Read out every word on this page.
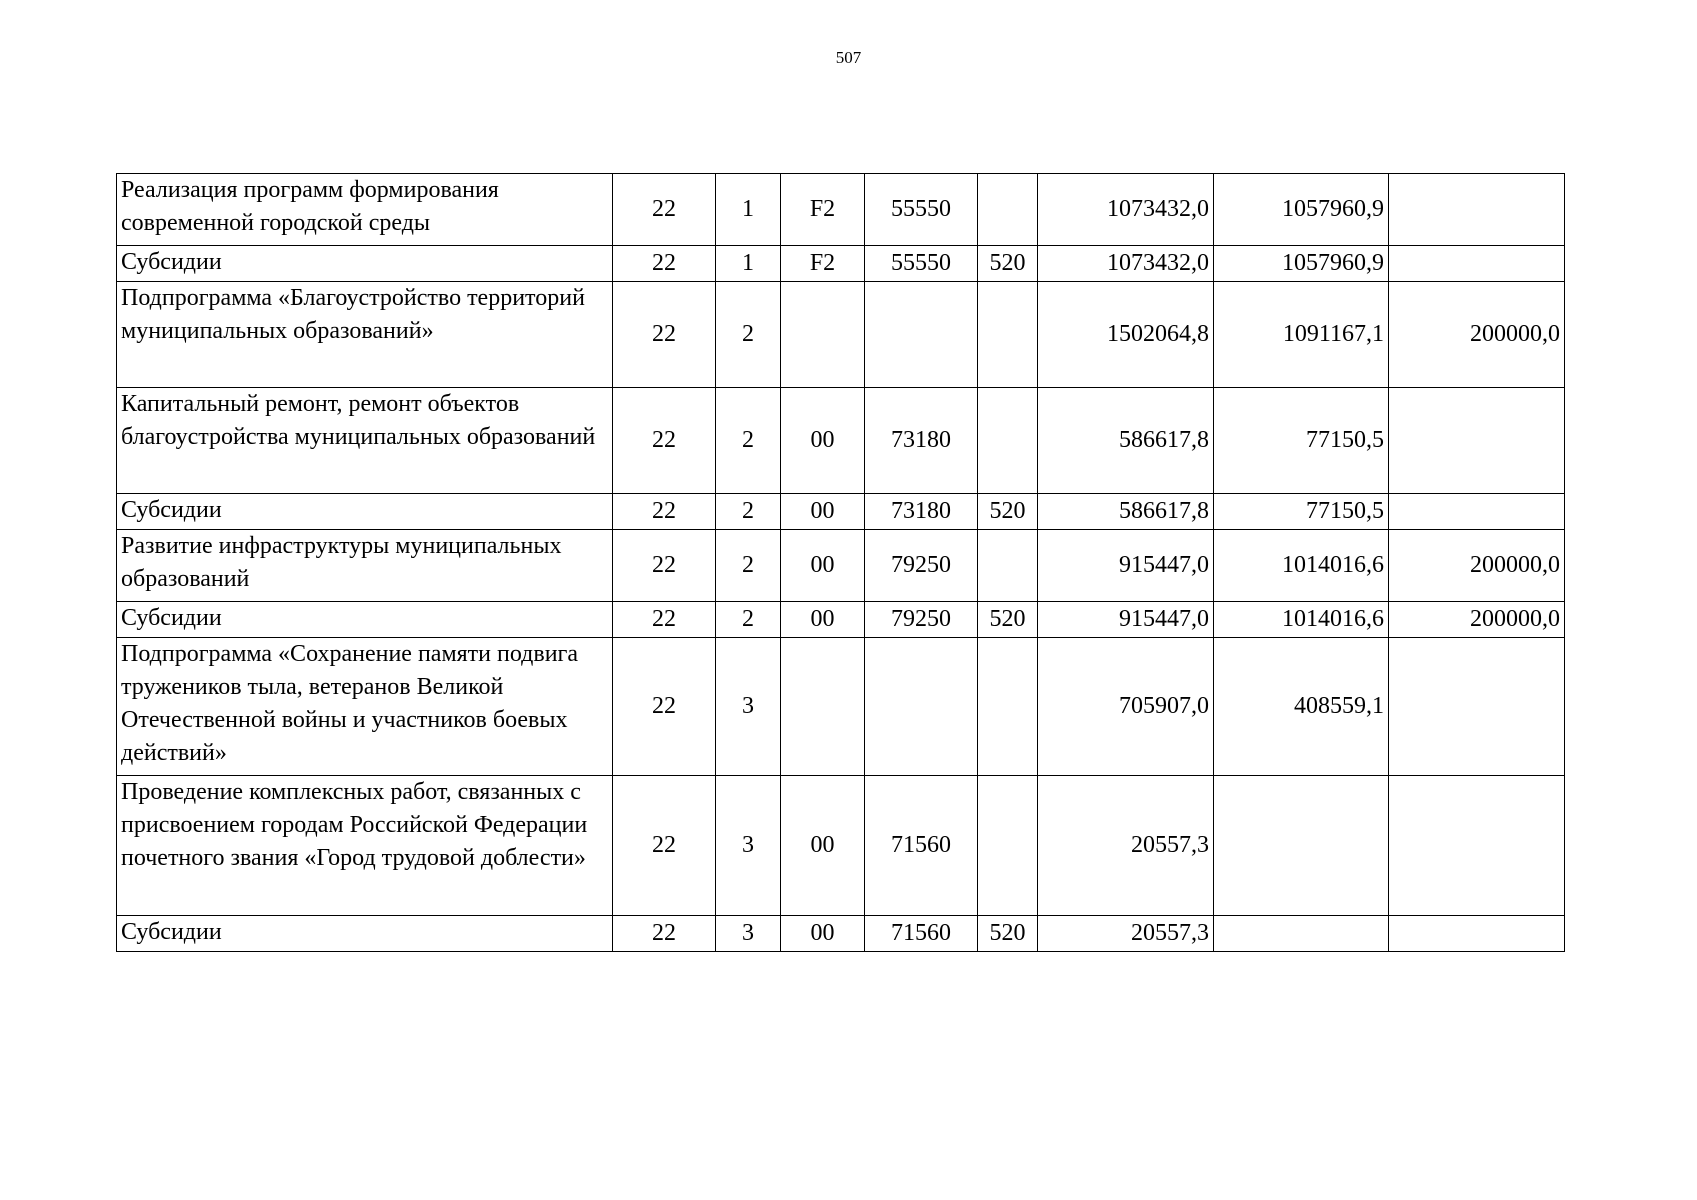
507
Реализация программ формирования современной городской среды	22	1	F2	55550		1073432,0	1057960,9	
Субсидии	22	1	F2	55550	520	1073432,0	1057960,9	
Подпрограмма «Благоустройство территорий муниципальных образований»	22	2				1502064,8	1091167,1	200000,0
Капитальный ремонт, ремонт объектов благоустройства муниципальных образований	22	2	00	73180		586617,8	77150,5	
Субсидии	22	2	00	73180	520	586617,8	77150,5	
Развитие инфраструктуры муниципальных образований	22	2	00	79250		915447,0	1014016,6	200000,0
Субсидии	22	2	00	79250	520	915447,0	1014016,6	200000,0
Подпрограмма «Сохранение памяти подвига тружеников тыла, ветеранов Великой Отечественной войны и участников боевых действий»	22	3				705907,0	408559,1	
Проведение комплексных работ, связанных с присвоением городам Российской Федерации почетного звания «Город трудовой доблести»	22	3	00	71560		20557,3		
Субсидии	22	3	00	71560	520	20557,3		
